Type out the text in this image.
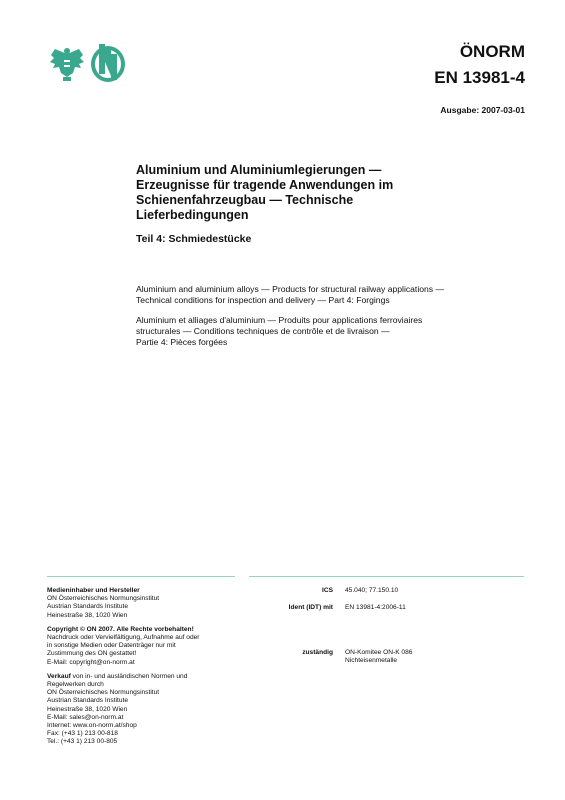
ÖNORM
EN 13981-4
Ausgabe: 2007-03-01
Aluminium und Aluminiumlegierungen —
Erzeugnisse für tragende Anwendungen im
Schienenfahrzeugbau — Technische
Lieferbedingungen
Teil 4: Schmiedestücke
Aluminium and aluminium alloys — Products for structural railway applications —
Technical conditions for inspection and delivery — Part 4: Forgings
Aluminium et alliages d'aluminium — Produits pour applications ferroviaires
structurales — Conditions techniques de contrôle et de livraison —
Partie 4: Pièces forgées
Medieninhaber und Hersteller
ON Österreichisches Normungsinstitut
Austrian Standards Institute
Heinestraße 38, 1020 Wien
Copyright © ON 2007. Alle Rechte vorbehalten!
Nachdruck oder Vervielfältigung, Aufnahme auf oder
in sonstige Medien oder Datenträger nur mit
Zustimmung des ON gestattet!
E-Mail: copyright@on-norm.at
Verkauf von in- und ausländischen Normen und
Regelwerken durch
ON Österreichisches Normungsinstitut
Austrian Standards Institute
Heinestraße 38, 1020 Wien
E-Mail: sales@on-norm.at
Internet: www.on-norm.at/shop
Fax: (+43 1) 213 00-818
Tel.: (+43 1) 213 00-805
ICS 45.040; 77.150.10
Ident (IDT) mit EN 13981-4:2006-11
zuständig ON-Komitee ON-K 086
Nichteisenmetalle
